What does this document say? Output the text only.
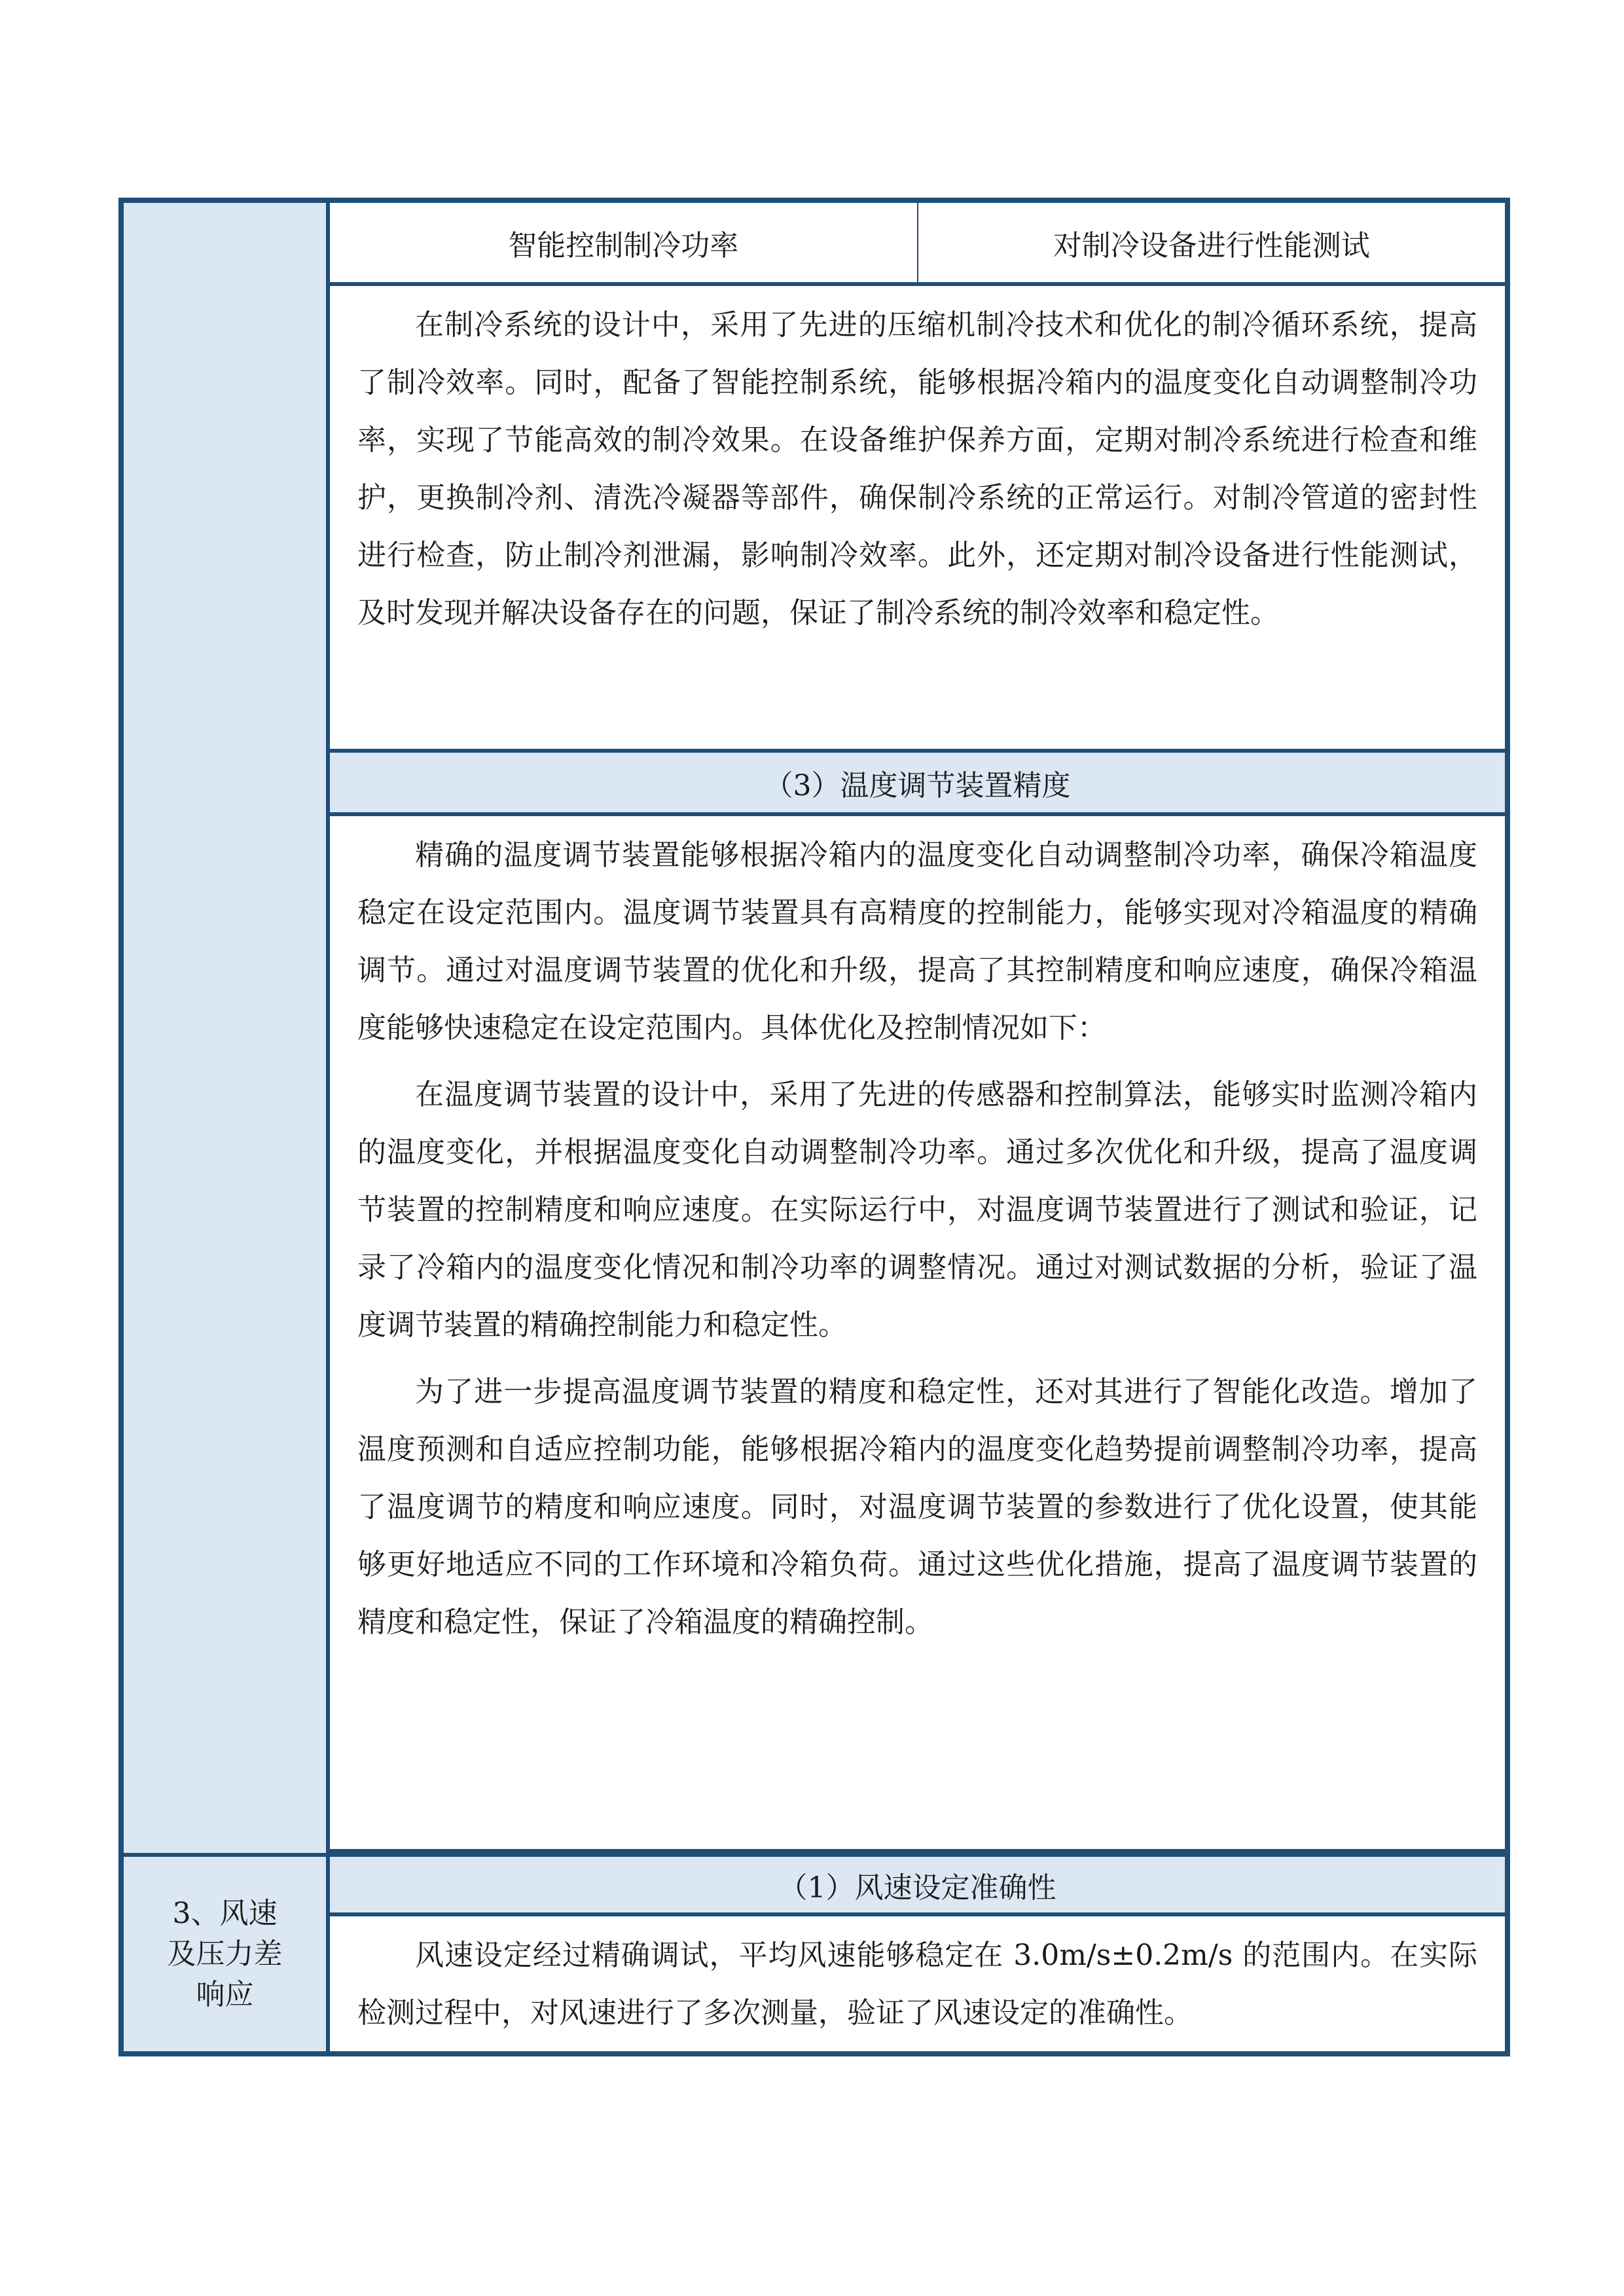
3、风速及压力差响应
智能控制制冷功率	对制冷设备进行性能测试

在制冷系统的设计中，采用了先进的压缩机制冷技术和优化的制冷循环系统，提高了制冷效率。同时，配备了智能控制系统，能够根据冷箱内的温度变化自动调整制冷功率，实现了节能高效的制冷效果。在设备维护保养方面，定期对制冷系统进行检查和维护，更换制冷剂、清洗冷凝器等部件，确保制冷系统的正常运行。对制冷管道的密封性进行检查，防止制冷剂泄漏，影响制冷效率。此外，还定期对制冷设备进行性能测试，及时发现并解决设备存在的问题，保证了制冷系统的制冷效率和稳定性。

（3）温度调节装置精度

精确的温度调节装置能够根据冷箱内的温度变化自动调整制冷功率，确保冷箱温度稳定在设定范围内。温度调节装置具有高精度的控制能力，能够实现对冷箱温度的精确调节。通过对温度调节装置的优化和升级，提高了其控制精度和响应速度，确保冷箱温度能够快速稳定在设定范围内。具体优化及控制情况如下：

在温度调节装置的设计中，采用了先进的传感器和控制算法，能够实时监测冷箱内的温度变化，并根据温度变化自动调整制冷功率。通过多次优化和升级，提高了温度调节装置的控制精度和响应速度。在实际运行中，对温度调节装置进行了测试和验证，记录了冷箱内的温度变化情况和制冷功率的调整情况。通过对测试数据的分析，验证了温度调节装置的精确控制能力和稳定性。

为了进一步提高温度调节装置的精度和稳定性，还对其进行了智能化改造。增加了温度预测和自适应控制功能，能够根据冷箱内的温度变化趋势提前调整制冷功率，提高了温度调节的精度和响应速度。同时，对温度调节装置的参数进行了优化设置，使其能够更好地适应不同的工作环境和冷箱负荷。通过这些优化措施，提高了温度调节装置的精度和稳定性，保证了冷箱温度的精确控制。

（1）风速设定准确性

风速设定经过精确调试，平均风速能够稳定在 3.0m/s±0.2m/s 的范围内。在实际检测过程中，对风速进行了多次测量，验证了风速设定的准确性。
